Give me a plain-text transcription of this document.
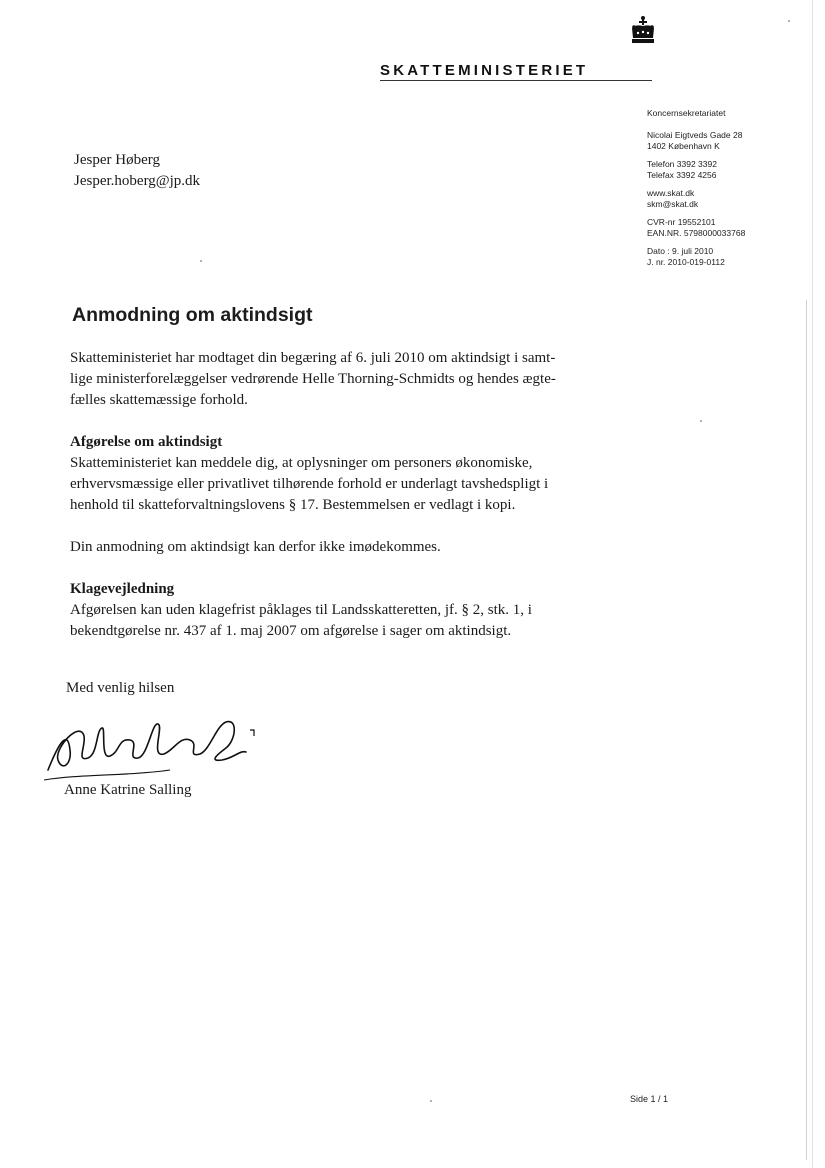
SKATTEMINISTERIET
Koncernsekretariatet
Nicolai Eigtveds Gade 28
1402 København K
Telefon 3392 3392
Telefax 3392 4256
www.skat.dk
skm@skat.dk
CVR-nr 19552101
EAN.NR. 5798000033768
Dato : 9. juli 2010
J. nr. 2010-019-0112
Jesper Høberg
Jesper.hoberg@jp.dk
Anmodning om aktindsigt

Skatteministeriet har modtaget din begæring af 6. juli 2010 om aktindsigt i samt-

lige ministerforelæggelser vedrørende Helle Thorning-Schmidts og hendes ægte-

fælles skattemæssige forhold.

Afgørelse om aktindsigt

Skatteministeriet kan meddele dig, at oplysninger om personers økonomiske,

erhvervsmæssige eller privatlivet tilhørende forhold er underlagt tavshedspligt i

henhold til skatteforvaltningslovens § 17. Bestemmelsen er vedlagt i kopi.

Din anmodning om aktindsigt kan derfor ikke imødekommes.

Klagevejledning

Afgørelsen kan uden klagefrist påklages til Landsskatteretten, jf. § 2, stk. 1, i

bekendtgørelse nr. 437 af 1. maj 2007 om afgørelse i sager om aktindsigt.

Med venlig hilsen
Anne Katrine Salling
Side 1 / 1
